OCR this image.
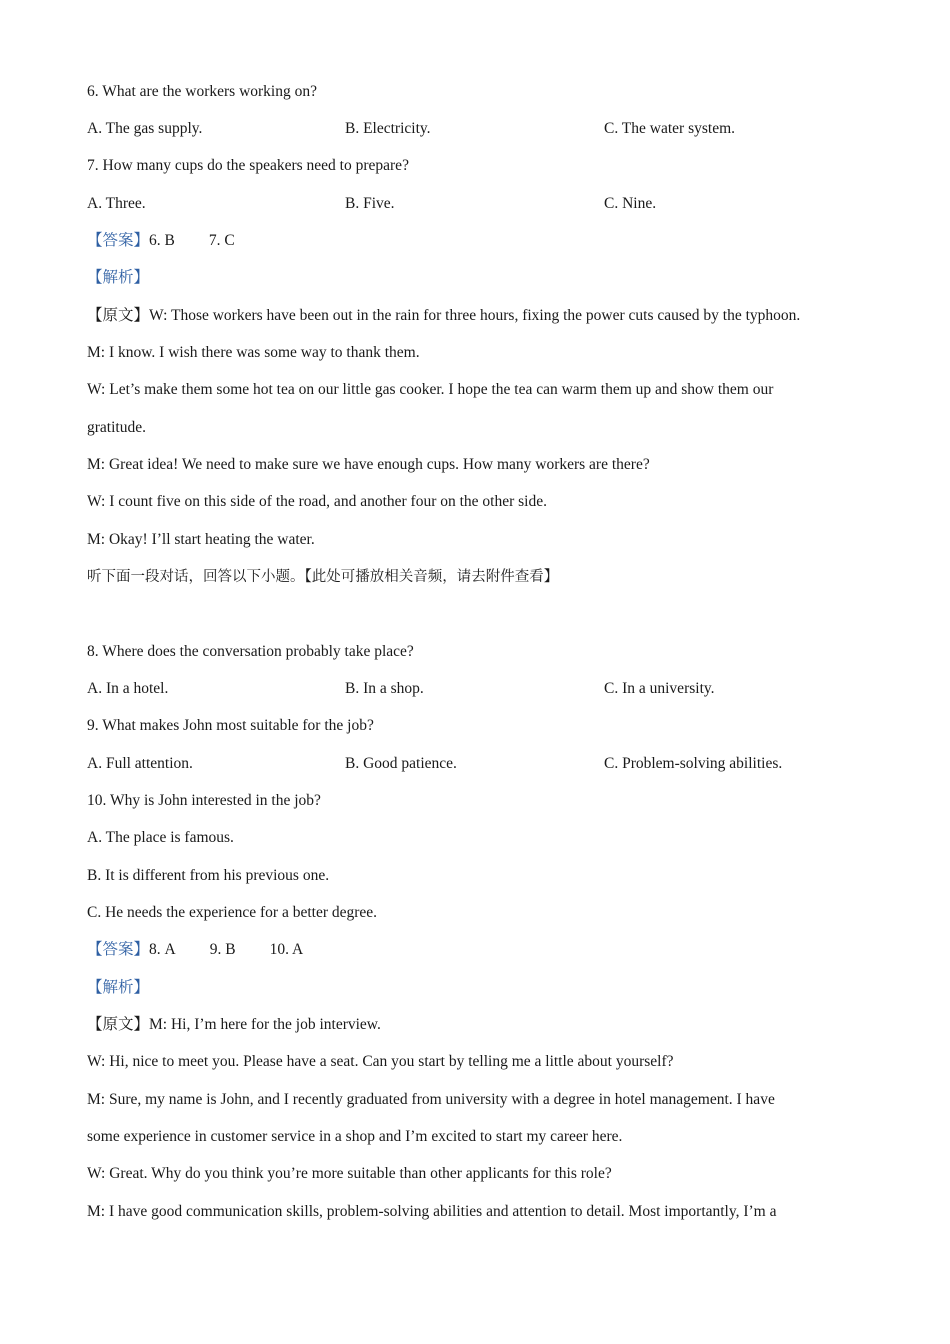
6. What are the workers working on?
A. The gas supply.	B. Electricity.	C. The water system.
7. How many cups do the speakers need to prepare?
A. Three.	B. Five.	C. Nine.
【答案】6. B 7. C
【解析】
【原文】W: Those workers have been out in the rain for three hours, fixing the power cuts caused by the typhoon.
M: I know. I wish there was some way to thank them.
W: Let’s make them some hot tea on our little gas cooker. I hope the tea can warm them up and show them our
gratitude.
M: Great idea! We need to make sure we have enough cups. How many workers are there?
W: I count five on this side of the road, and another four on the other side.
M: Okay! I’ll start heating the water.
听下面一段对话，回答以下小题。【此处可播放相关音频，请去附件查看】
8. Where does the conversation probably take place?
A. In a hotel.	B. In a shop.	C. In a university.
9. What makes John most suitable for the job?
A. Full attention.	B. Good patience.	C. Problem-solving abilities.
10. Why is John interested in the job?
A. The place is famous.
B. It is different from his previous one.
C. He needs the experience for a better degree.
【答案】8. A 9. B 10. A
【解析】
【原文】M: Hi, I’m here for the job interview.
W: Hi, nice to meet you. Please have a seat. Can you start by telling me a little about yourself?
M: Sure, my name is John, and I recently graduated from university with a degree in hotel management. I have
some experience in customer service in a shop and I’m excited to start my career here.
W: Great. Why do you think you’re more suitable than other applicants for this role?
M: I have good communication skills, problem-solving abilities and attention to detail. Most importantly, I’m a
